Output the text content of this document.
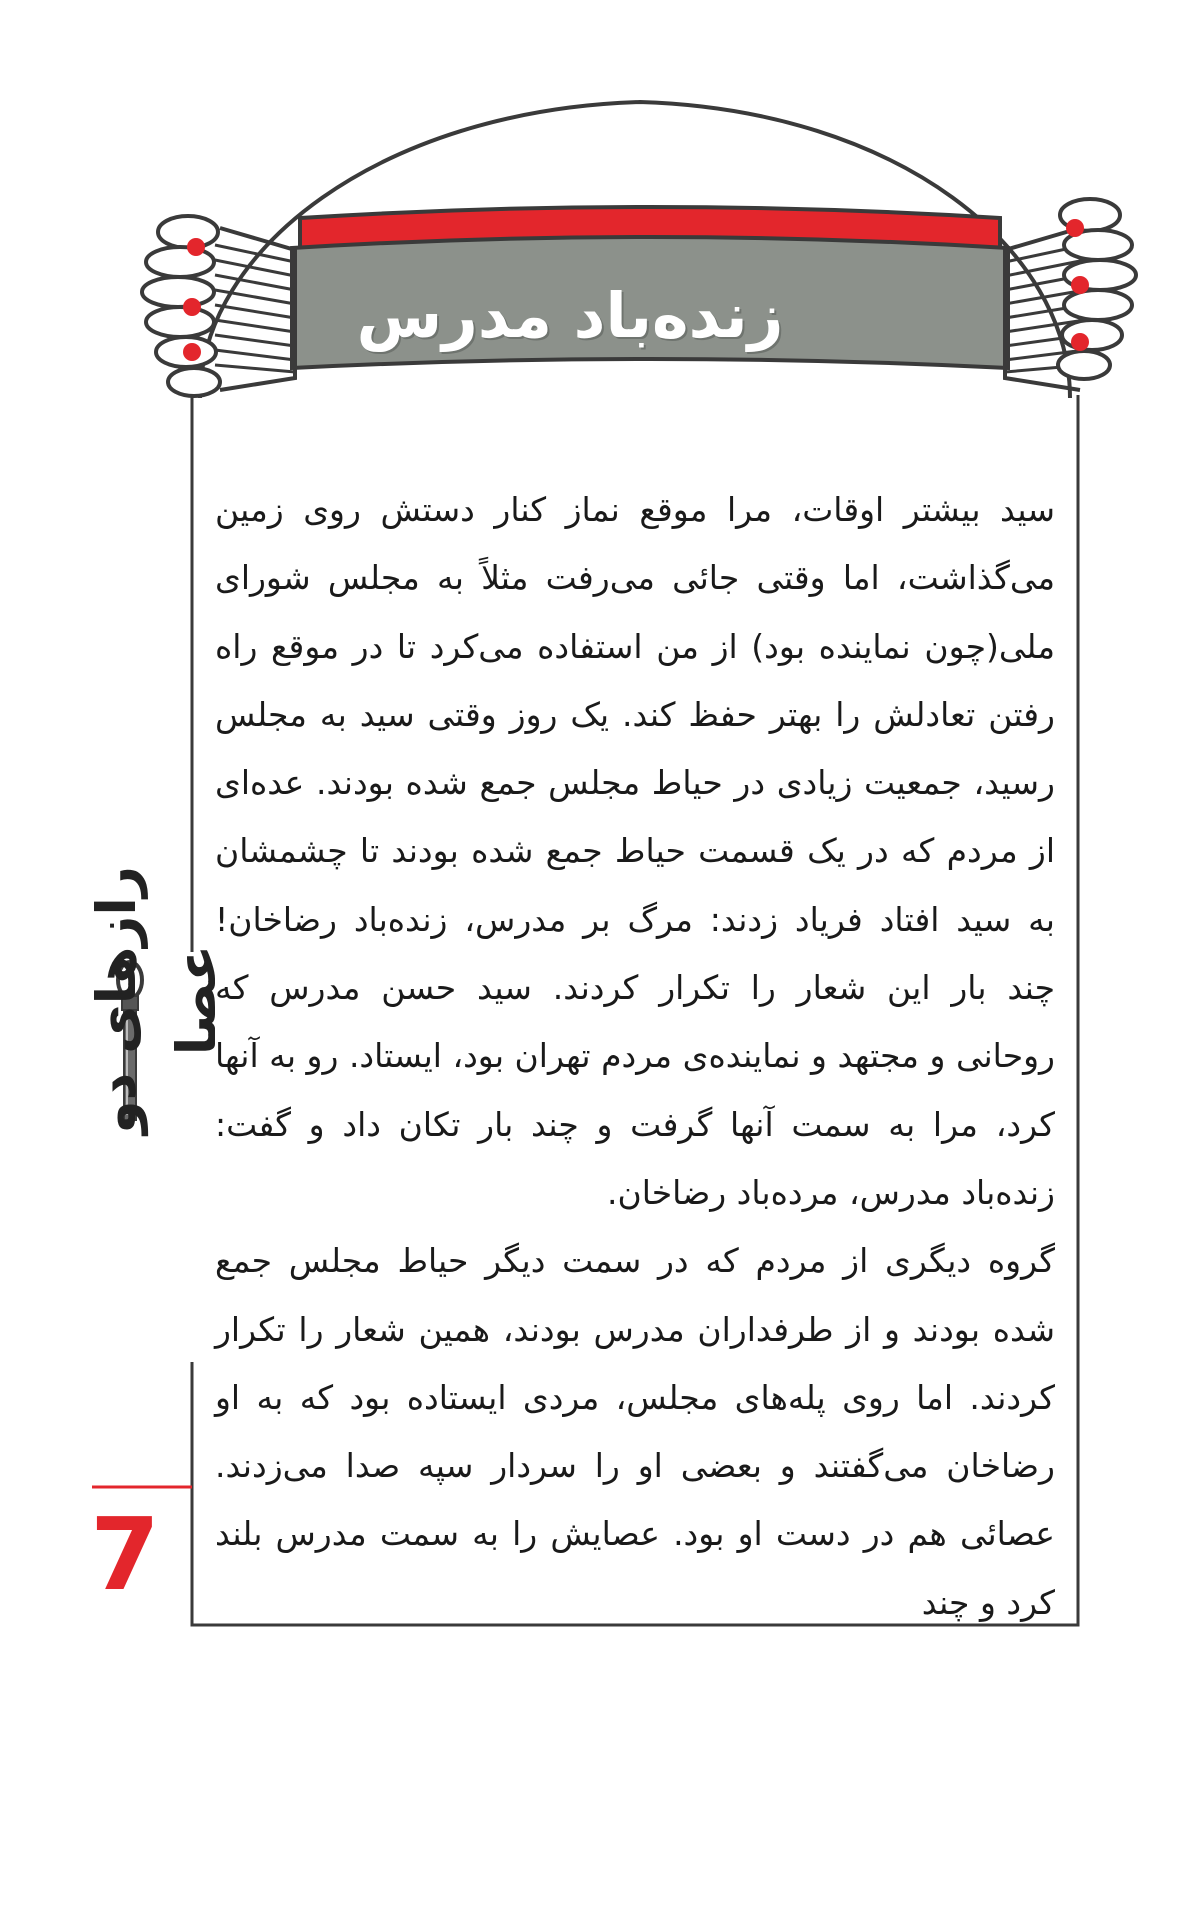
زنده‌باد مدرس

سید بیشتر اوقات، مرا موقع نماز کنار دستش روی زمین می‌گذاشت، اما وقتی جائی می‌رفت مثلاً به مجلس شورای ملی(چون نماینده بود) از من استفاده می‌کرد تا در موقع راه رفتن تعادلش را بهتر حفظ کند. یک روز وقتی سید به مجلس رسید، جمعیت زیادی در حیاط مجلس جمع شده بودند. عده‌ای از مردم که در یک قسمت حیاط جمع شده بودند تا چشمشان به سید افتاد فریاد زدند: مرگ بر مدرس، زنده‌باد رضاخان! چند بار این شعار را تکرار کردند. سید حسن مدرس که روحانی و مجتهد و نماینده‌ی مردم تهران بود، ایستاد. رو به آنها کرد، مرا به سمت آنها گرفت و چند بار تکان داد و گفت: زنده‌باد مدرس، مرده‌باد رضاخان.

گروه دیگری از مردم که در سمت دیگر حیاط مجلس جمع شده بودند و از طرفداران مدرس بودند، همین شعار را تکرار کردند. اما روی پله‌های مجلس، مردی ایستاده بود که به او رضاخان می‌گفتند و بعضی او را سردار سپه صدا می‌زدند. عصائی هم در دست او بود. عصایش را به سمت مدرس بلند کرد و چند

رازهای دو عصا
7
